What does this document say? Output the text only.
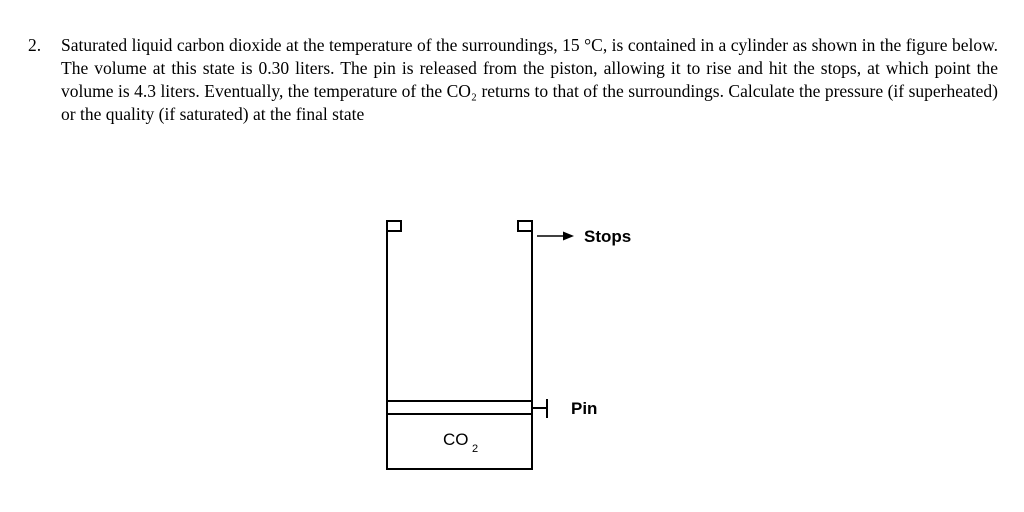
2. Saturated liquid carbon dioxide at the temperature of the surroundings, 15 °C, is contained in a cylinder as shown in the figure below. The volume at this state is 0.30 liters. The pin is released from the piston, allowing it to rise and hit the stops, at which point the volume is 4.3 liters. Eventually, the temperature of the CO₂ returns to that of the surroundings. Calculate the pressure (if superheated) or the quality (if saturated) at the final state
Stops
Pin
CO 2
